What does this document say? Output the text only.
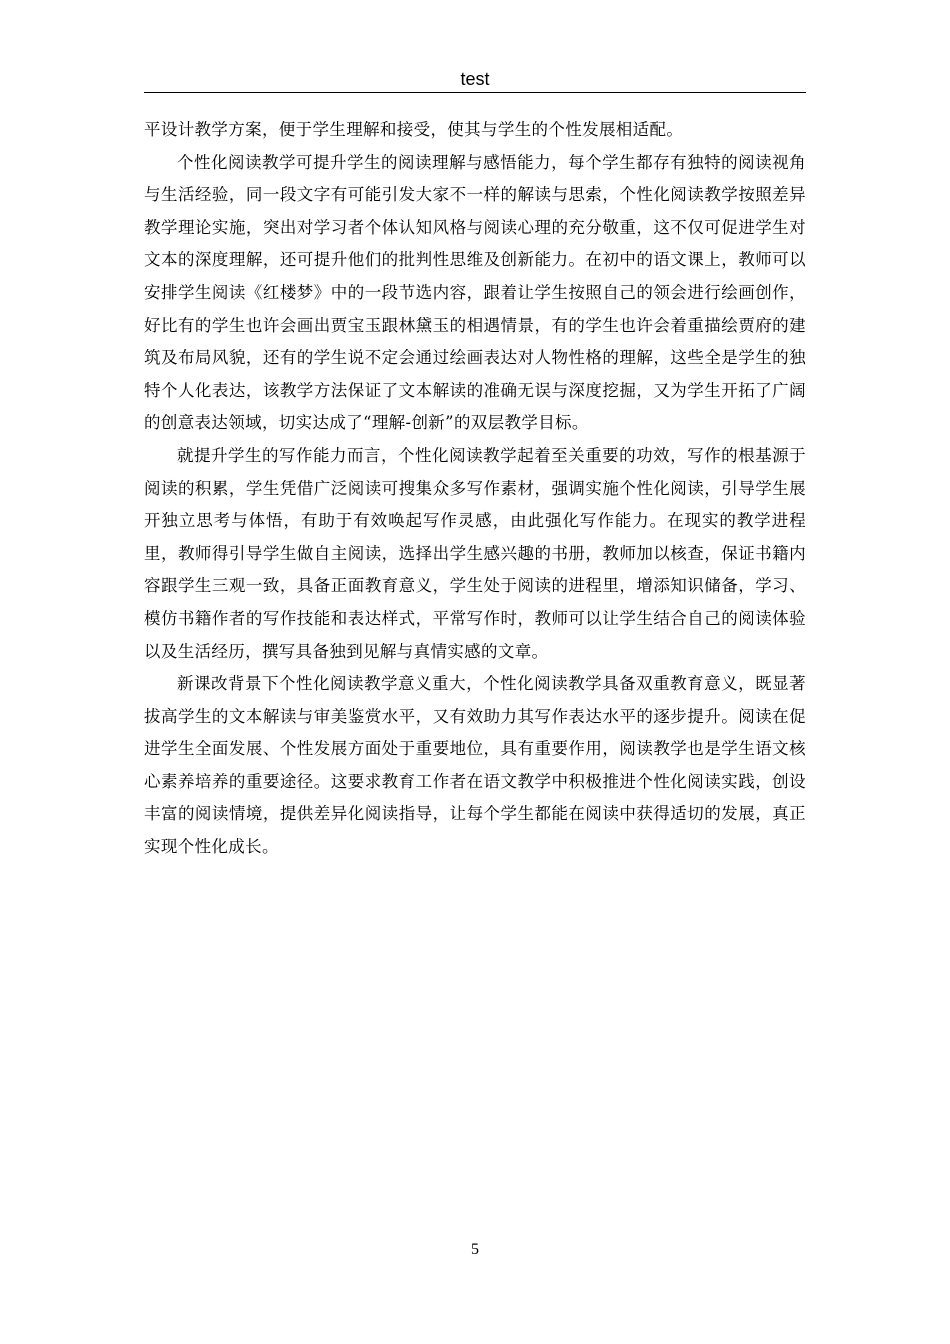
test

平设计教学方案，便于学生理解和接受，使其与学生的个性发展相适配。

个性化阅读教学可提升学生的阅读理解与感悟能力，每个学生都存有独特的阅读视角与生活经验，同一段文字有可能引发大家不一样的解读与思索，个性化阅读教学按照差异教学理论实施，突出对学习者个体认知风格与阅读心理的充分敬重，这不仅可促进学生对文本的深度理解，还可提升他们的批判性思维及创新能力。在初中的语文课上，教师可以安排学生阅读《红楼梦》中的一段节选内容，跟着让学生按照自己的领会进行绘画创作，好比有的学生也许会画出贾宝玉跟林黛玉的相遇情景，有的学生也许会着重描绘贾府的建筑及布局风貌，还有的学生说不定会通过绘画表达对人物性格的理解，这些全是学生的独特个人化表达，该教学方法保证了文本解读的准确无误与深度挖掘，又为学生开拓了广阔的创意表达领域，切实达成了“理解-创新”的双层教学目标。

就提升学生的写作能力而言，个性化阅读教学起着至关重要的功效，写作的根基源于阅读的积累，学生凭借广泛阅读可搜集众多写作素材，强调实施个性化阅读，引导学生展开独立思考与体悟，有助于有效唤起写作灵感，由此强化写作能力。在现实的教学进程里，教师得引导学生做自主阅读，选择出学生感兴趣的书册，教师加以核查，保证书籍内容跟学生三观一致，具备正面教育意义，学生处于阅读的进程里，增添知识储备，学习、模仿书籍作者的写作技能和表达样式，平常写作时，教师可以让学生结合自己的阅读体验以及生活经历，撰写具备独到见解与真情实感的文章。

新课改背景下个性化阅读教学意义重大，个性化阅读教学具备双重教育意义，既显著拔高学生的文本解读与审美鉴赏水平，又有效助力其写作表达水平的逐步提升。阅读在促进学生全面发展、个性发展方面处于重要地位，具有重要作用，阅读教学也是学生语文核心素养培养的重要途径。这要求教育工作者在语文教学中积极推进个性化阅读实践，创设丰富的阅读情境，提供差异化阅读指导，让每个学生都能在阅读中获得适切的发展，真正实现个性化成长。

5
